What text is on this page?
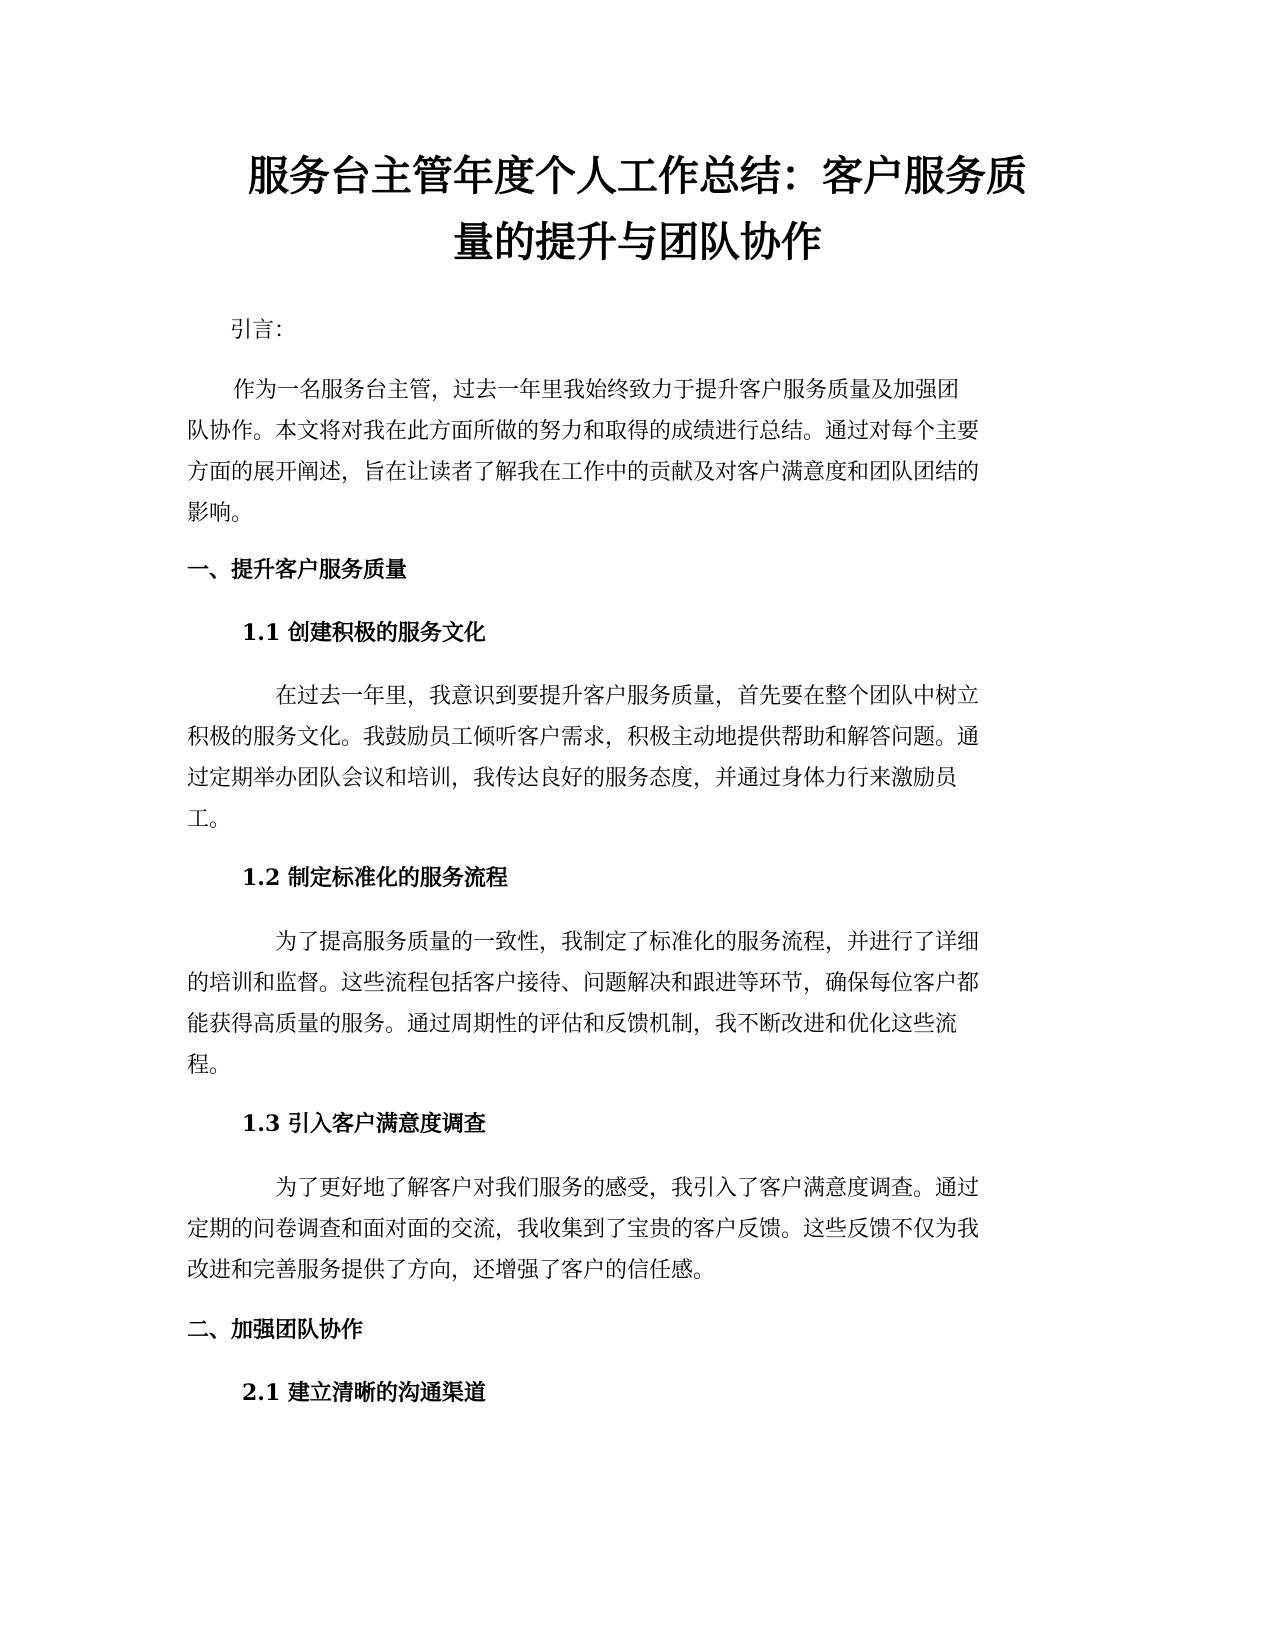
服务台主管年度个人工作总结：客户服务质
量的提升与团队协作

引言：

作为一名服务台主管，过去一年里我始终致力于提升客户服务质量及加强团
队协作。本文将对我在此方面所做的努力和取得的成绩进行总结。通过对每个主要
方面的展开阐述，旨在让读者了解我在工作中的贡献及对客户满意度和团队团结的
影响。

一、提升客户服务质量
1.1 创建积极的服务文化

在过去一年里，我意识到要提升客户服务质量，首先要在整个团队中树立
积极的服务文化。我鼓励员工倾听客户需求，积极主动地提供帮助和解答问题。通
过定期举办团队会议和培训，我传达良好的服务态度，并通过身体力行来激励员
工。

1.2 制定标准化的服务流程

为了提高服务质量的一致性，我制定了标准化的服务流程，并进行了详细
的培训和监督。这些流程包括客户接待、问题解决和跟进等环节，确保每位客户都
能获得高质量的服务。通过周期性的评估和反馈机制，我不断改进和优化这些流
程。

1.3 引入客户满意度调查

为了更好地了解客户对我们服务的感受，我引入了客户满意度调查。通过
定期的问卷调查和面对面的交流，我收集到了宝贵的客户反馈。这些反馈不仅为我
改进和完善服务提供了方向，还增强了客户的信任感。

二、加强团队协作
2.1 建立清晰的沟通渠道
